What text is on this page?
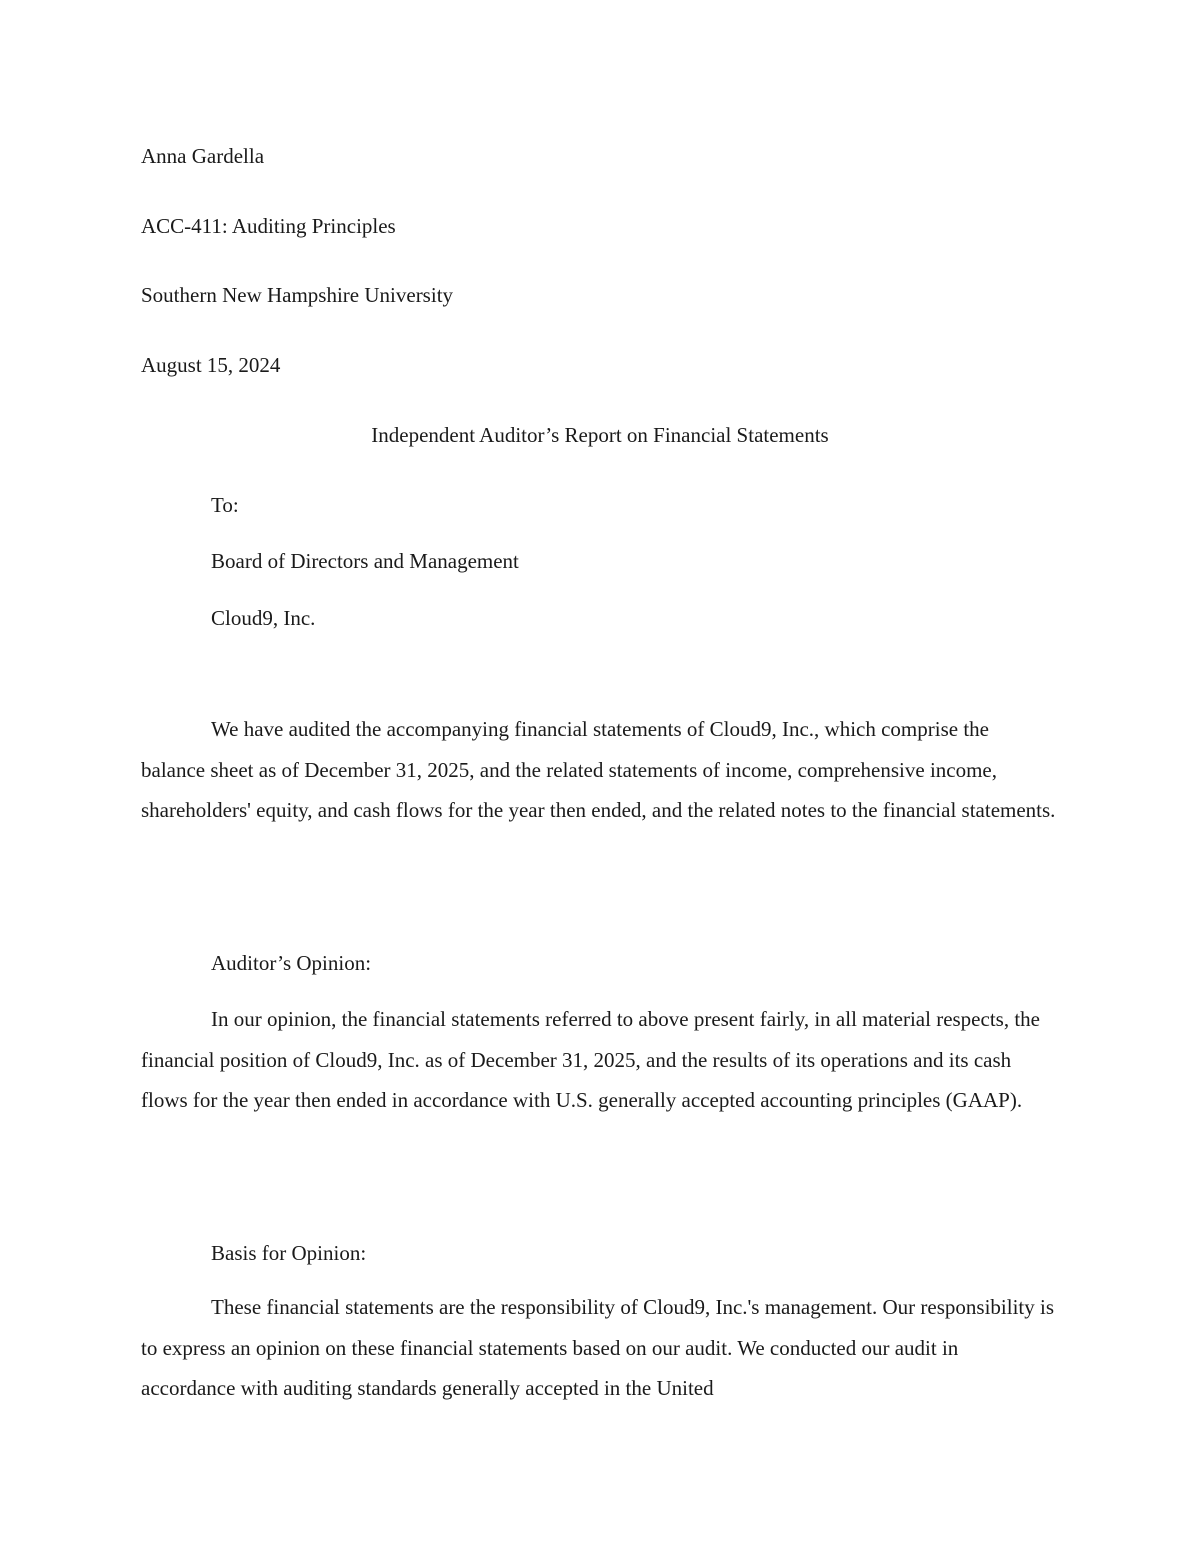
Anna Gardella
ACC-411: Auditing Principles
Southern New Hampshire University
August 15, 2024
Independent Auditor’s Report on Financial Statements
To:
Board of Directors and Management
Cloud9, Inc.

We have audited the accompanying financial statements of Cloud9, Inc., which comprise the balance sheet as of December 31, 2025, and the related statements of income, comprehensive income, shareholders' equity, and cash flows for the year then ended, and the related notes to the financial statements.

Auditor’s Opinion:

In our opinion, the financial statements referred to above present fairly, in all material respects, the financial position of Cloud9, Inc. as of December 31, 2025, and the results of its operations and its cash flows for the year then ended in accordance with U.S. generally accepted accounting principles (GAAP).

Basis for Opinion:

These financial statements are the responsibility of Cloud9, Inc.'s management. Our responsibility is to express an opinion on these financial statements based on our audit. We conducted our audit in accordance with auditing standards generally accepted in the United
